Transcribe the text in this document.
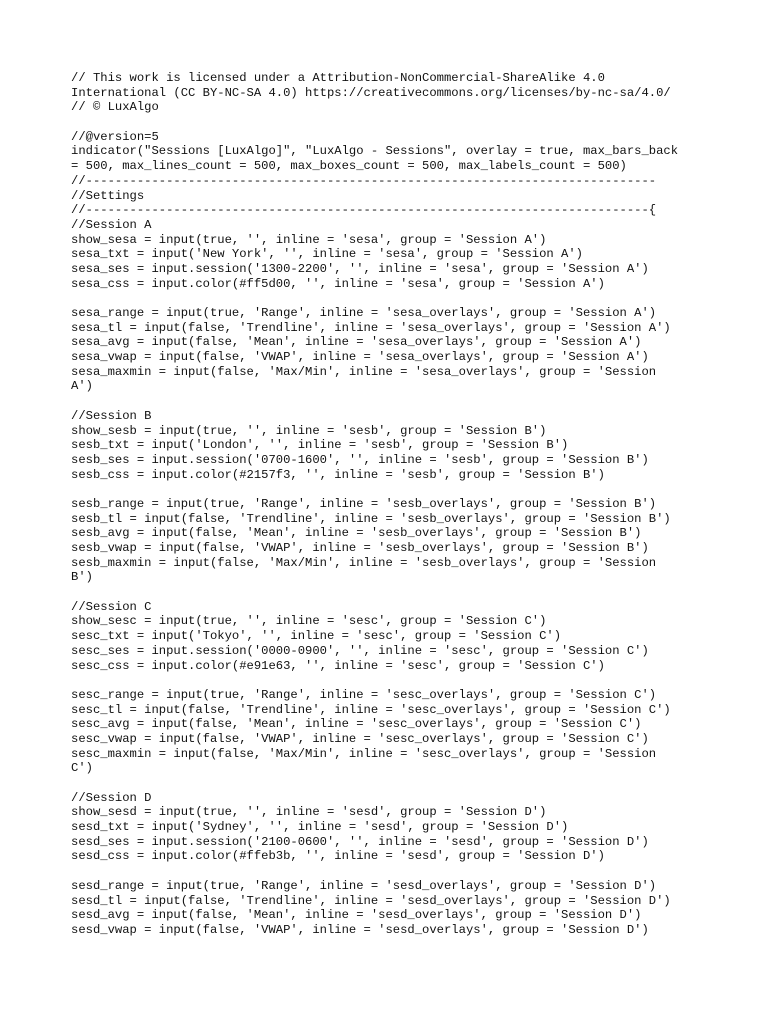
// This work is licensed under a Attribution-NonCommercial-ShareAlike 4.0
International (CC BY-NC-SA 4.0) https://creativecommons.org/licenses/by-nc-sa/4.0/
// © LuxAlgo
//@version=5
indicator("Sessions [LuxAlgo]", "LuxAlgo - Sessions", overlay = true, max_bars_back
= 500, max_lines_count = 500, max_boxes_count = 500, max_labels_count = 500)
//------------------------------------------------------------------------------
//Settings
//-----------------------------------------------------------------------------{
//Session A
show_sesa = input(true, '', inline = 'sesa', group = 'Session A')
sesa_txt = input('New York', '', inline = 'sesa', group = 'Session A')
sesa_ses = input.session('1300-2200', '', inline = 'sesa', group = 'Session A')
sesa_css = input.color(#ff5d00, '', inline = 'sesa', group = 'Session A')
sesa_range = input(true, 'Range', inline = 'sesa_overlays', group = 'Session A')
sesa_tl = input(false, 'Trendline', inline = 'sesa_overlays', group = 'Session A')
sesa_avg = input(false, 'Mean', inline = 'sesa_overlays', group = 'Session A')
sesa_vwap = input(false, 'VWAP', inline = 'sesa_overlays', group = 'Session A')
sesa_maxmin = input(false, 'Max/Min', inline = 'sesa_overlays', group = 'Session
A')
//Session B
show_sesb = input(true, '', inline = 'sesb', group = 'Session B')
sesb_txt = input('London', '', inline = 'sesb', group = 'Session B')
sesb_ses = input.session('0700-1600', '', inline = 'sesb', group = 'Session B')
sesb_css = input.color(#2157f3, '', inline = 'sesb', group = 'Session B')
sesb_range = input(true, 'Range', inline = 'sesb_overlays', group = 'Session B')
sesb_tl = input(false, 'Trendline', inline = 'sesb_overlays', group = 'Session B')
sesb_avg = input(false, 'Mean', inline = 'sesb_overlays', group = 'Session B')
sesb_vwap = input(false, 'VWAP', inline = 'sesb_overlays', group = 'Session B')
sesb_maxmin = input(false, 'Max/Min', inline = 'sesb_overlays', group = 'Session
B')
//Session C
show_sesc = input(true, '', inline = 'sesc', group = 'Session C')
sesc_txt = input('Tokyo', '', inline = 'sesc', group = 'Session C')
sesc_ses = input.session('0000-0900', '', inline = 'sesc', group = 'Session C')
sesc_css = input.color(#e91e63, '', inline = 'sesc', group = 'Session C')
sesc_range = input(true, 'Range', inline = 'sesc_overlays', group = 'Session C')
sesc_tl = input(false, 'Trendline', inline = 'sesc_overlays', group = 'Session C')
sesc_avg = input(false, 'Mean', inline = 'sesc_overlays', group = 'Session C')
sesc_vwap = input(false, 'VWAP', inline = 'sesc_overlays', group = 'Session C')
sesc_maxmin = input(false, 'Max/Min', inline = 'sesc_overlays', group = 'Session
C')
//Session D
show_sesd = input(true, '', inline = 'sesd', group = 'Session D')
sesd_txt = input('Sydney', '', inline = 'sesd', group = 'Session D')
sesd_ses = input.session('2100-0600', '', inline = 'sesd', group = 'Session D')
sesd_css = input.color(#ffeb3b, '', inline = 'sesd', group = 'Session D')
sesd_range = input(true, 'Range', inline = 'sesd_overlays', group = 'Session D')
sesd_tl = input(false, 'Trendline', inline = 'sesd_overlays', group = 'Session D')
sesd_avg = input(false, 'Mean', inline = 'sesd_overlays', group = 'Session D')
sesd_vwap = input(false, 'VWAP', inline = 'sesd_overlays', group = 'Session D')
